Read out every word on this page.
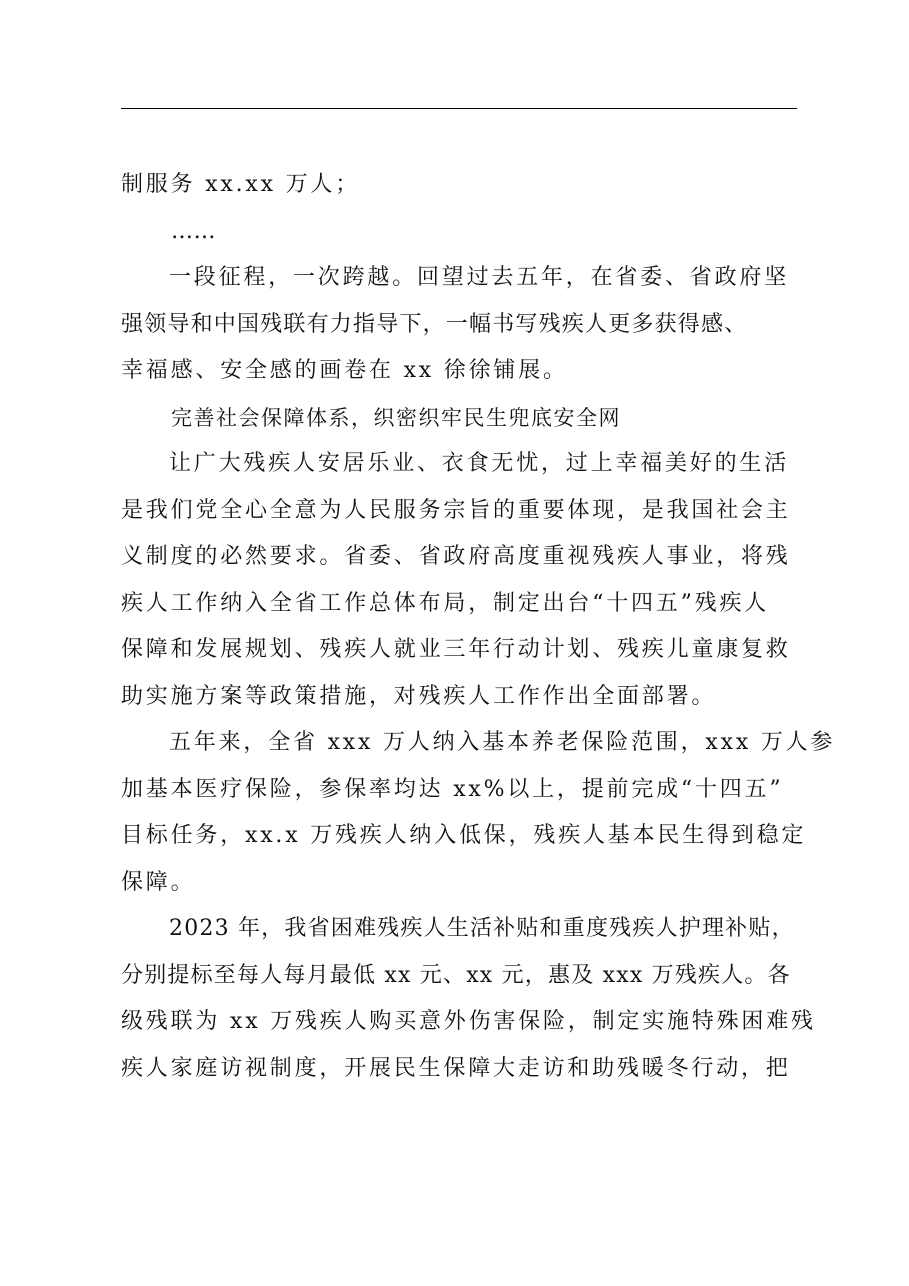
制服务 xx.xx 万人；
……
一段征程，一次跨越。回望过去五年，在省委、省政府坚
强领导和中国残联有力指导下，一幅书写残疾人更多获得感、
幸福感、安全感的画卷在 xx 徐徐铺展。
完善社会保障体系，织密织牢民生兜底安全网
让广大残疾人安居乐业、衣食无忧，过上幸福美好的生活
是我们党全心全意为人民服务宗旨的重要体现，是我国社会主
义制度的必然要求。省委、省政府高度重视残疾人事业，将残
疾人工作纳入全省工作总体布局，制定出台“十四五”残疾人
保障和发展规划、残疾人就业三年行动计划、残疾儿童康复救
助实施方案等政策措施，对残疾人工作作出全面部署。
五年来，全省 xxx 万人纳入基本养老保险范围，xxx 万人参
加基本医疗保险，参保率均达 xx%以上，提前完成“十四五”
目标任务，xx.x 万残疾人纳入低保，残疾人基本民生得到稳定
保障。
2023 年，我省困难残疾人生活补贴和重度残疾人护理补贴，
分别提标至每人每月最低 xx 元、xx 元，惠及 xxx 万残疾人。各
级残联为 xx 万残疾人购买意外伤害保险，制定实施特殊困难残
疾人家庭访视制度，开展民生保障大走访和助残暖冬行动，把
